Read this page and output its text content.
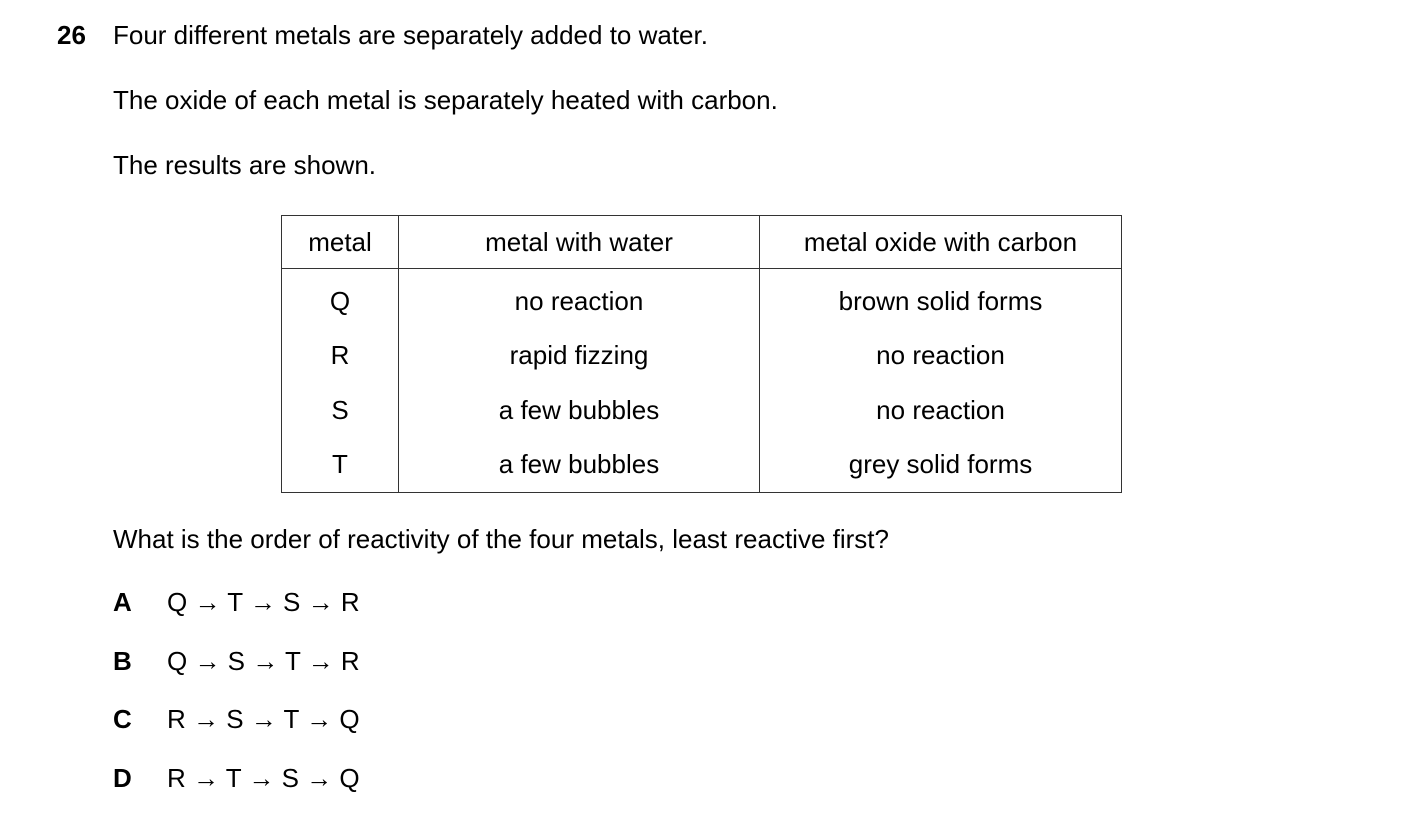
26 Four different metals are separately added to water.
The oxide of each metal is separately heated with carbon.
The results are shown.
metal	metal with water	metal oxide with carbon
Q	no reaction	brown solid forms
R	rapid fizzing	no reaction
S	a few bubbles	no reaction
T	a few bubbles	grey solid forms
What is the order of reactivity of the four metals, least reactive first?
A Q → T → S → R
B Q → S → T → R
C R → S → T → Q
D R → T → S → Q
